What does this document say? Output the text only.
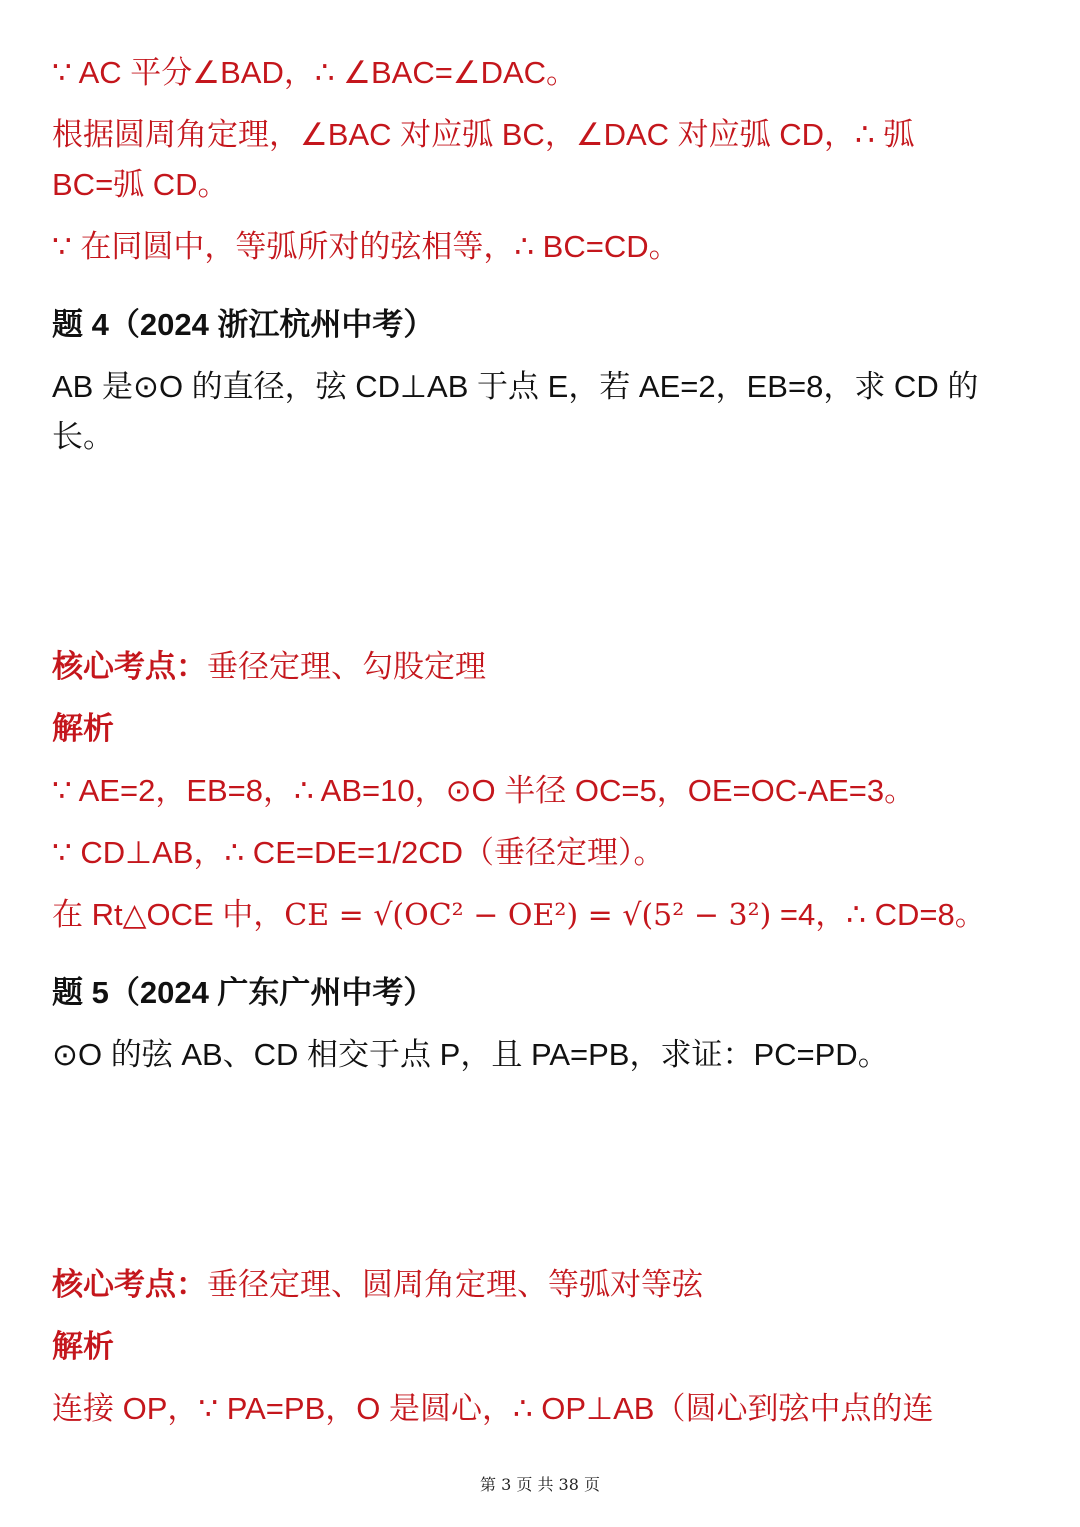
∵ AC 平分∠BAD，∴ ∠BAC=∠DAC。
根据圆周角定理，∠BAC 对应弧 BC，∠DAC 对应弧 CD，∴ 弧
BC=弧 CD。
∵ 在同圆中，等弧所对的弦相等，∴ BC=CD。
题 4（2024 浙江杭州中考）
AB 是⊙O 的直径，弦 CD⊥AB 于点 E，若 AE=2，EB=8，求 CD 的
长。
核心考点：垂径定理、勾股定理
解析
∵ AE=2，EB=8，∴ AB=10，⊙O 半径 OC=5，OE=OC-AE=3。
∵ CD⊥AB，∴ CE=DE=1/2CD（垂径定理）。
在 Rt△OCE 中，CE = √(OC² − OE²) = √(5² − 3²) =4，∴ CD=8。
题 5（2024 广东广州中考）
⊙O 的弦 AB、CD 相交于点 P，且 PA=PB，求证：PC=PD。
核心考点：垂径定理、圆周角定理、等弧对等弦
解析
连接 OP，∵ PA=PB，O 是圆心，∴ OP⊥AB（圆心到弦中点的连
第 3 页 共 38 页
